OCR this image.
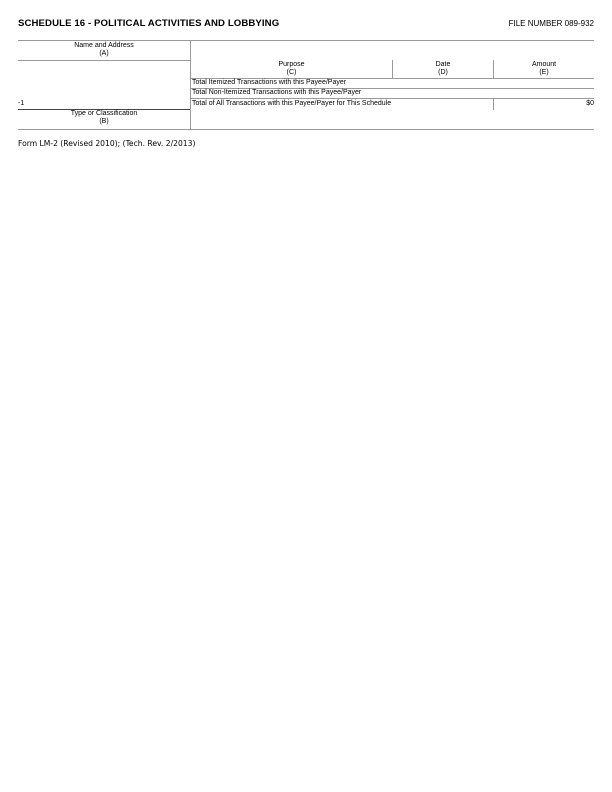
SCHEDULE 16 - POLITICAL ACTIVITIES AND LOBBYING	FILE NUMBER 089-932
Name and Address
(A)
Purpose
(C)
Date
(D)
Amount
(E)
Total Itemized Transactions with this Payee/Payer
Total Non-Itemized Transactions with this Payee/Payer
Total of All Transactions with this Payee/Payer for This Schedule	$0
-1
Type or Classification
(B)
Form LM-2 (Revised 2010); (Tech. Rev. 2/2013)
